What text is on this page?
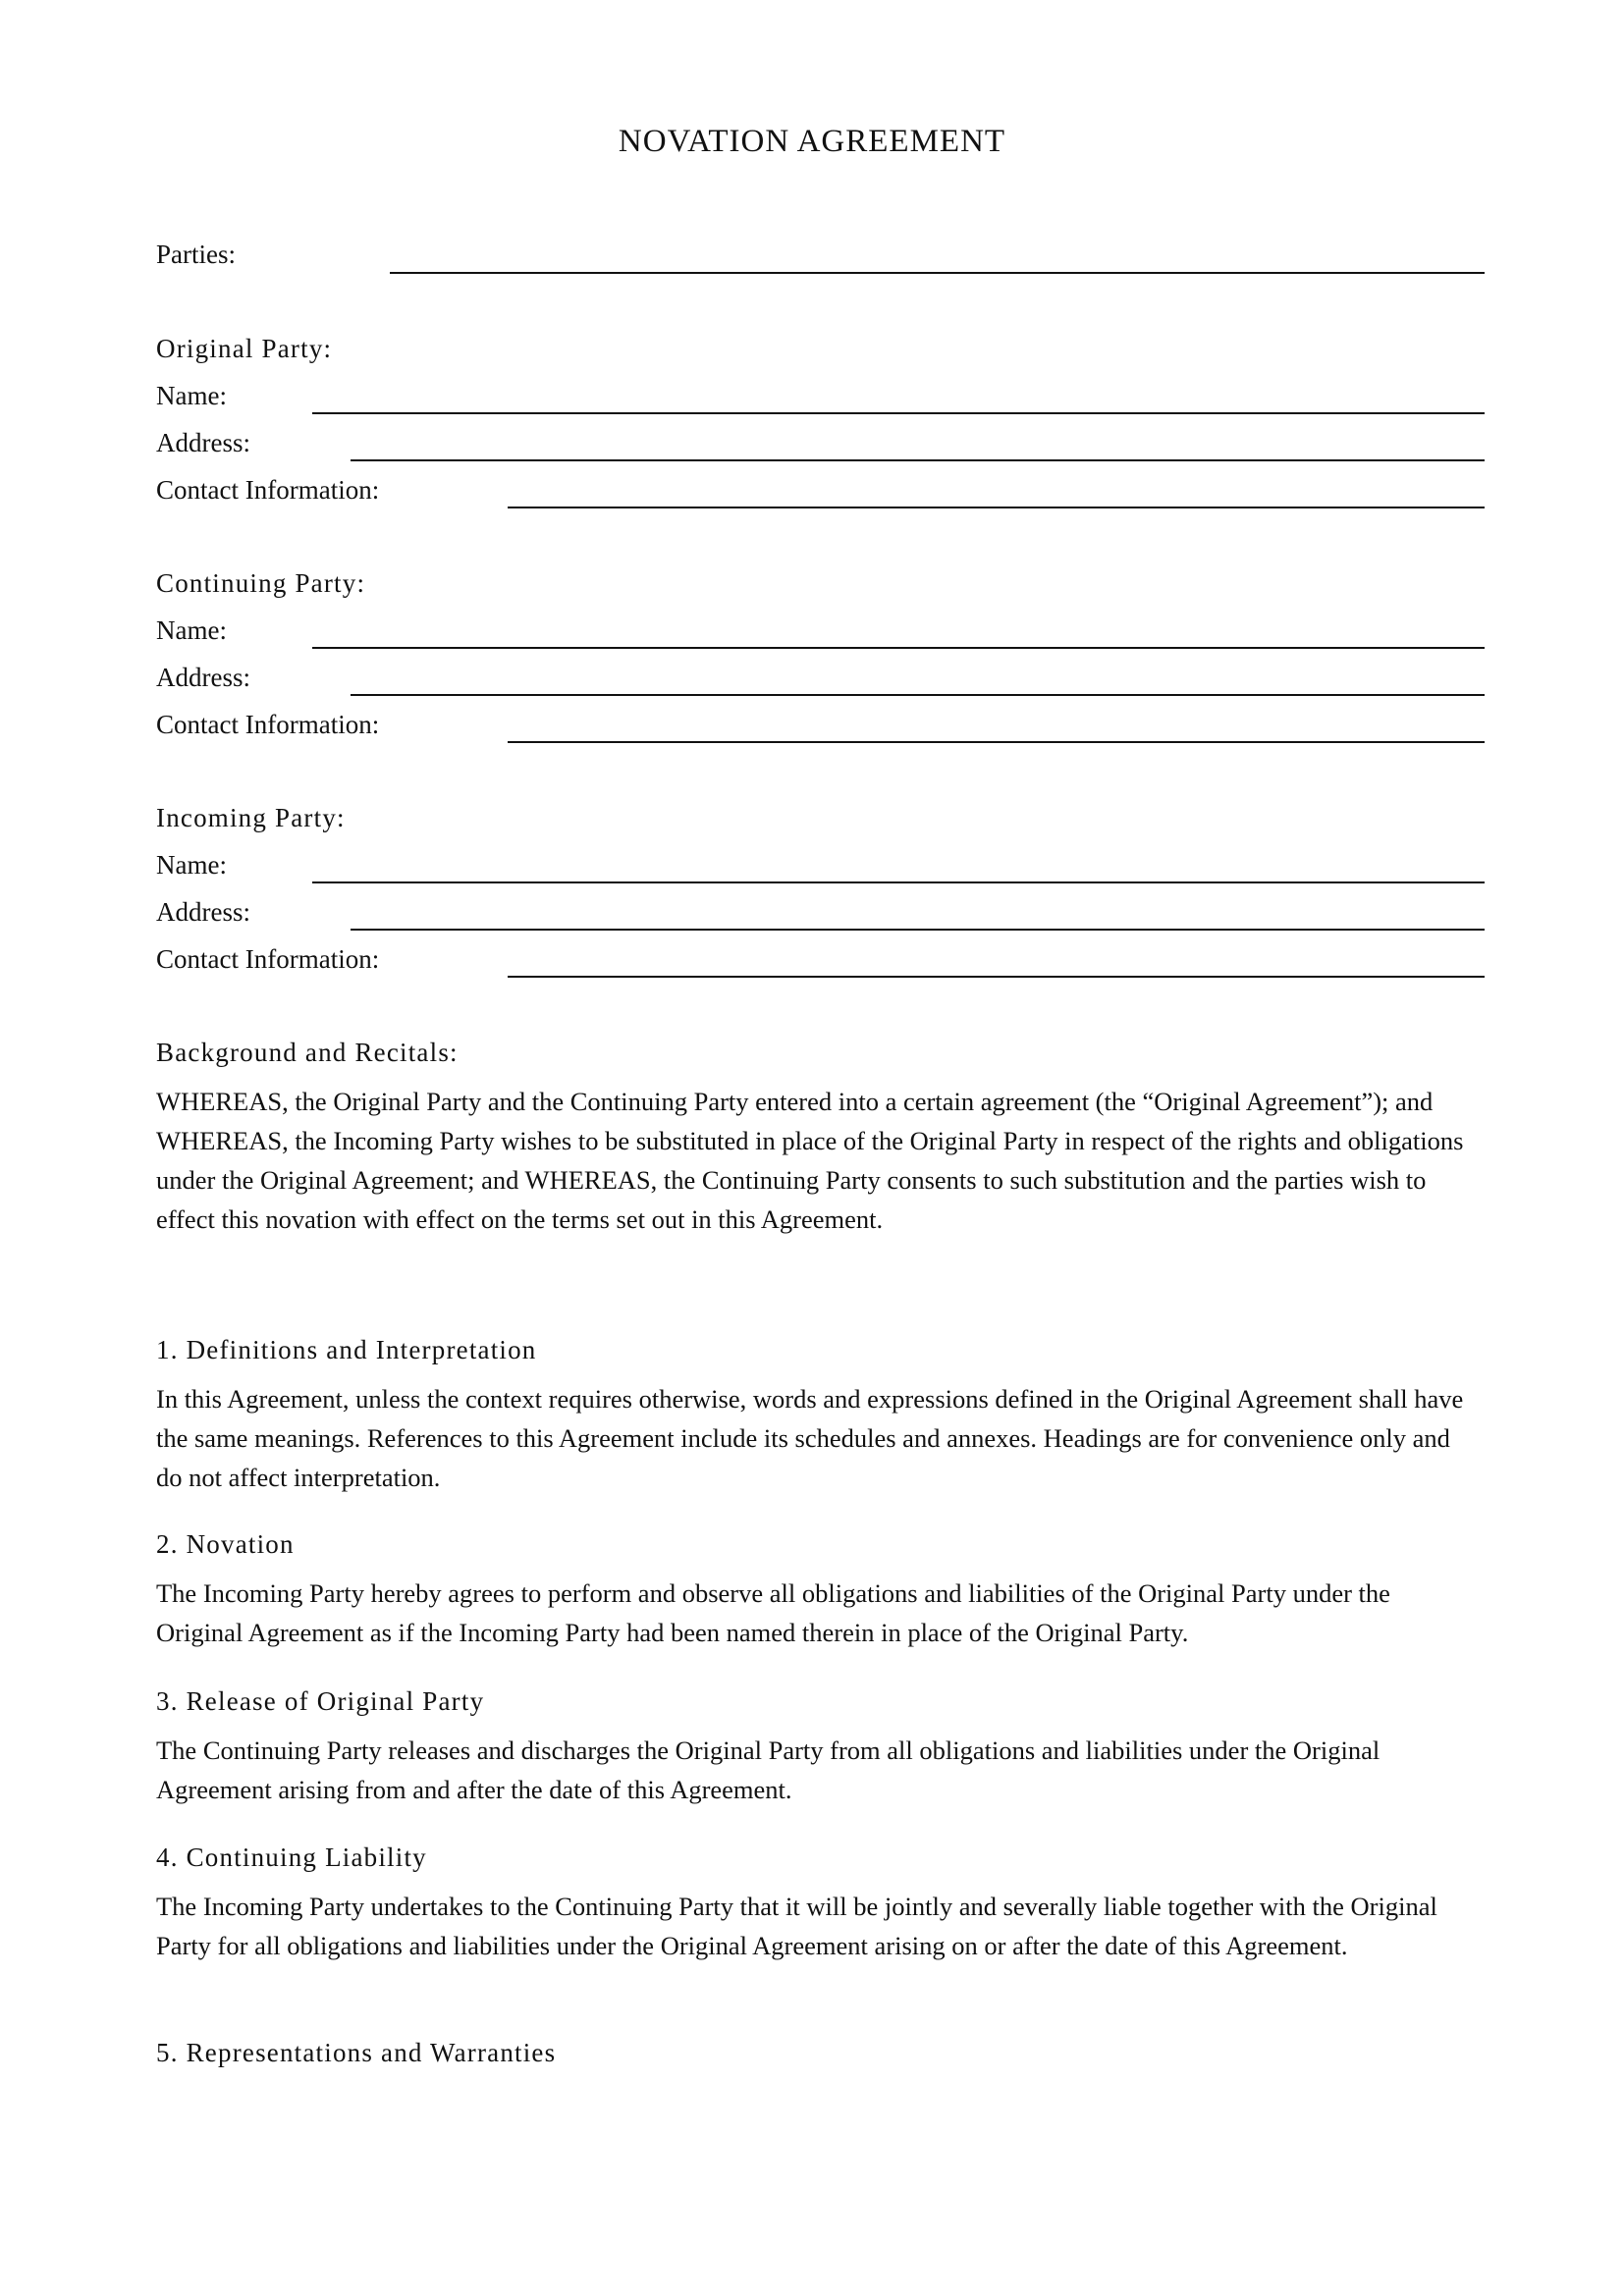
NOVATION AGREEMENT
Parties:
Original Party:
Name:
Address:
Contact Information:
Continuing Party:
Name:
Address:
Contact Information:
Incoming Party:
Name:
Address:
Contact Information:
Background and Recitals:
WHEREAS, the Original Party and the Continuing Party entered into a certain agreement (the “Original Agreement”); and WHEREAS, the Incoming Party wishes to be substituted in place of the Original Party in respect of the rights and obligations under the Original Agreement; and WHEREAS, the Continuing Party consents to such substitution and the parties wish to effect this novation with effect on the terms set out in this Agreement.
1. Definitions and Interpretation
In this Agreement, unless the context requires otherwise, words and expressions defined in the Original Agreement shall have the same meanings. References to this Agreement include its schedules and annexes. Headings are for convenience only and do not affect interpretation.
2. Novation
The Incoming Party hereby agrees to perform and observe all obligations and liabilities of the Original Party under the Original Agreement as if the Incoming Party had been named therein in place of the Original Party.
3. Release of Original Party
The Continuing Party releases and discharges the Original Party from all obligations and liabilities under the Original Agreement arising from and after the date of this Agreement.
4. Continuing Liability
The Incoming Party undertakes to the Continuing Party that it will be jointly and severally liable together with the Original Party for all obligations and liabilities under the Original Agreement arising on or after the date of this Agreement.
5. Representations and Warranties
